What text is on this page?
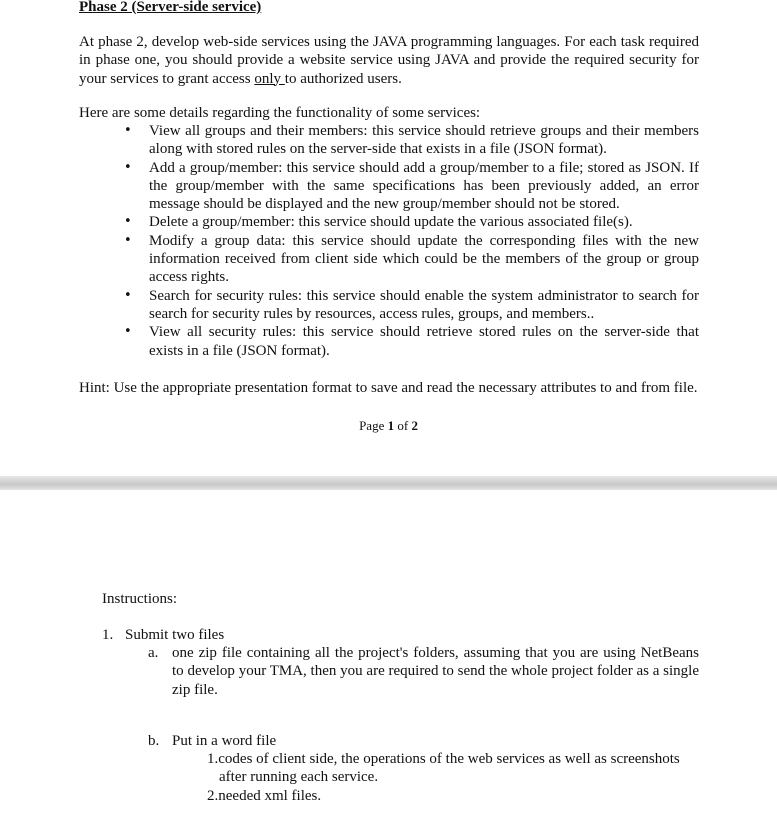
Phase 2 (Server-side service)
At phase 2, develop web-side services using the JAVA programming languages. For each task required in phase one, you should provide a website service using JAVA and provide the required security for your services to grant access only to authorized users.
Here are some details regarding the functionality of some services:
• View all groups and their members: this service should retrieve groups and their members along with stored rules on the server-side that exists in a file (JSON format).
• Add a group/member: this service should add a group/member to a file; stored as JSON. If the group/member with the same specifications has been previously added, an error message should be displayed and the new group/member should not be stored.
• Delete a group/member: this service should update the various associated file(s).
• Modify a group data: this service should update the corresponding files with the new information received from client side which could be the members of the group or group access rights.
• Search for security rules: this service should enable the system administrator to search for search for security rules by resources, access rules, groups, and members..
• View all security rules: this service should retrieve stored rules on the server-side that exists in a file (JSON format).
Hint: Use the appropriate presentation format to save and read the necessary attributes to and from file.
Page 1 of 2
Instructions:
1. Submit two files
a. one zip file containing all the project's folders, assuming that you are using NetBeans to develop your TMA, then you are required to send the whole project folder as a single zip file.
b. Put in a word file
1.codes of client side, the operations of the web services as well as screenshots after running each service.
2.needed xml files.
